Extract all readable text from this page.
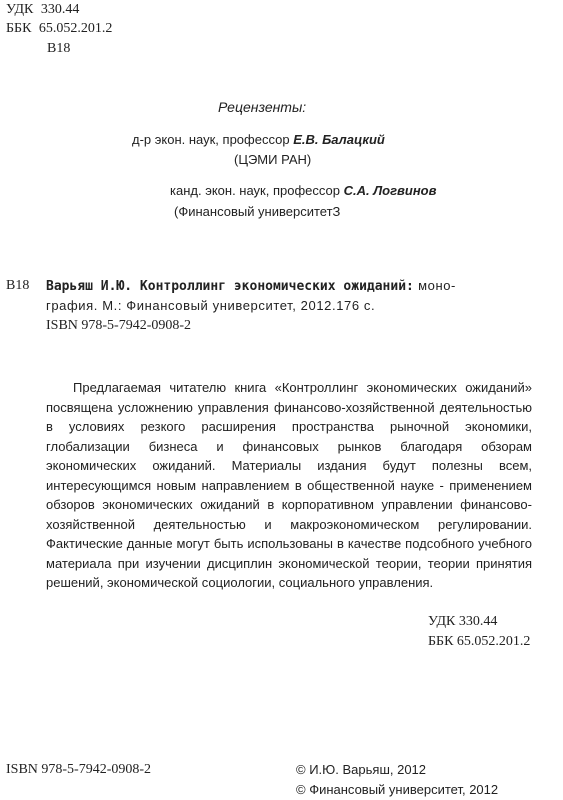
УДК 330.44
ББК 65.052.201.2
В18
Рецензенты:
д-р экон. наук, профессор Е.В. Балацкий
(ЦЭМИ РАН)
канд. экон. наук, профессор С.А. Логвинов
(Финансовый университетЗ
В18 Варьяш И.Ю. Контроллинг экономических ожиданий: моно-
графия. М.: Финансовый университет, 2012.176 с.
ISBN 978-5-7942-0908-2

Предлагаемая читателю книга «Контроллинг экономических ожиданий» посвящена усложнению управления финансово-хозяйственной деятельностью в условиях резкого расширения пространства рыночной экономики, глобализации бизнеса и финансовых рынков благодаря обзорам экономических ожиданий. Материалы издания будут полезны всем, интересующимся новым направлением в общественной науке - применением обзоров экономических ожиданий в корпоративном управлении финансово-хозяйственной деятельностью и макроэкономическом регулировании. Фактические данные могут быть использованы в качестве подсобного учебного материала при изучении дисциплин экономической теории, теории принятия решений, экономической социологии, социального управления.

УДК 330.44
ББК 65.052.201.2
ISBN 978-5-7942-0908-2	© И.Ю. Варьяш, 2012
© Финансовый университет, 2012
